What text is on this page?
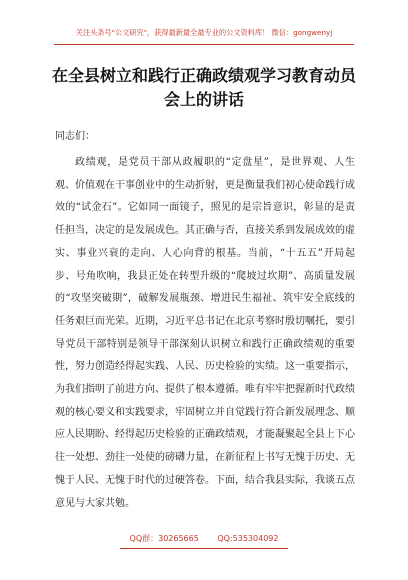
关注头条号"公文研究"，获得最新最全最专业的公文资料库！ 微信：gongwenyj
在全县树立和践行正确政绩观学习教育动员会上的讲话
同志们：

政绩观，是党员干部从政履职的“定盘星”，是世界观、人生观、价值观在干事创业中的生动折射，更是衡量我们初心使命践行成效的“试金石”。它如同一面镜子，照见的是宗旨意识，彰显的是责任担当，决定的是发展成色。其正确与否，直接关系到发展成效的虚实、事业兴衰的走向、人心向背的根基。当前，“十五五”开局起步、号角吹响，我县正处在转型升级的“爬坡过坎期”、高质量发展的“攻坚突破期”，破解发展瓶颈、增进民生福祉、筑牢安全底线的任务艰巨而光荣。近期，习近平总书记在北京考察时殷切嘱托，要引导党员干部特别是领导干部深刻认识树立和践行正确政绩观的重要性，努力创造经得起实践、人民、历史检验的实绩。这一重要指示，为我们指明了前进方向、提供了根本遵循。唯有牢牢把握新时代政绩观的核心要义和实践要求，牢固树立并自觉践行符合新发展理念、顺应人民期盼、经得起历史检验的正确政绩观，才能凝聚起全县上下心往一处想、劲往一处使的磅礴力量，在新征程上书写无愧于历史、无愧于人民、无愧于时代的过硬答卷。下面，结合我县实际，我谈五点意见与大家共勉。

QQ群：30265665 QQ:535304092
